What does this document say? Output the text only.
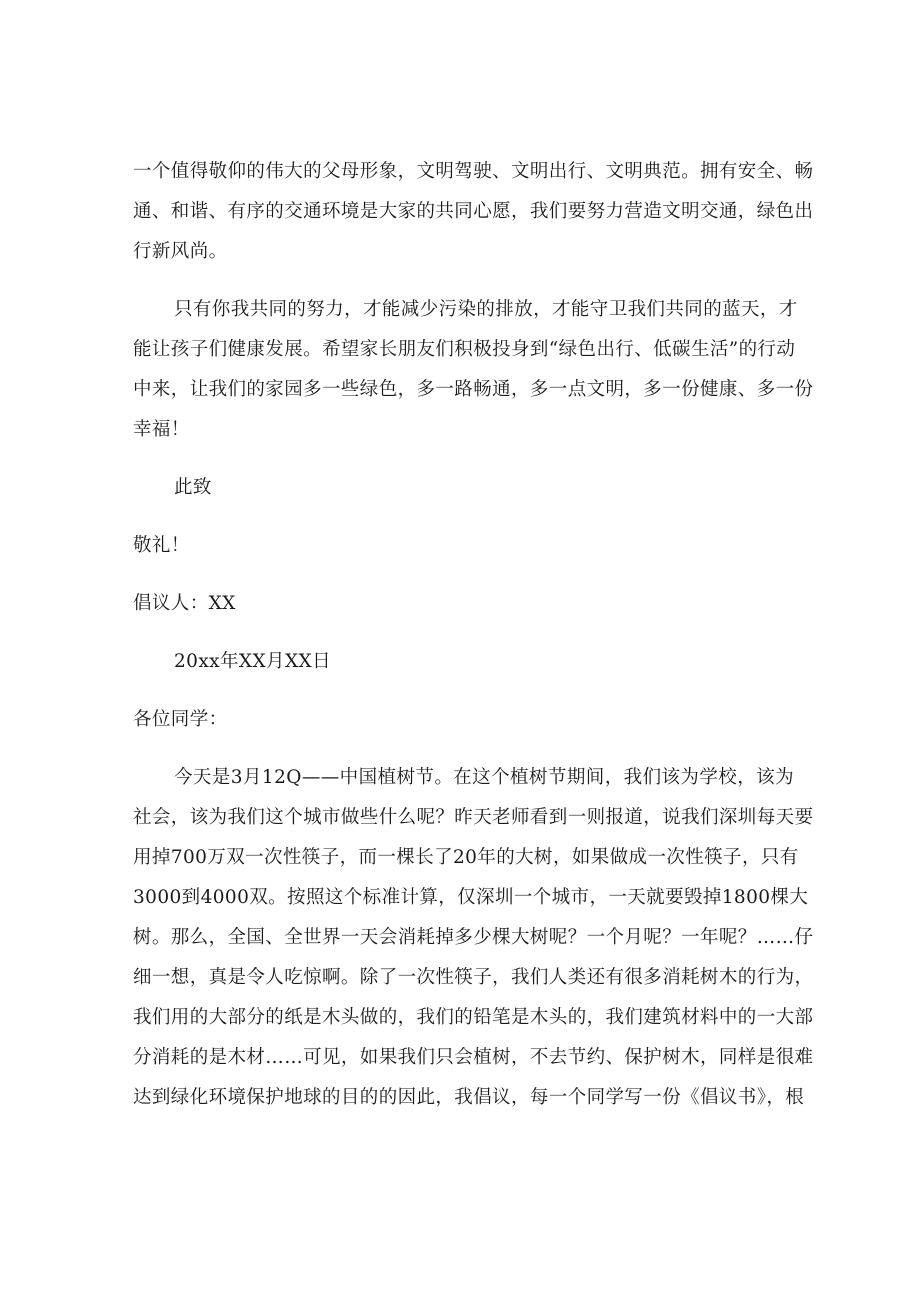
一个值得敬仰的伟大的父母形象，文明驾驶、文明出行、文明典范。拥有安全、畅
通、和谐、有序的交通环境是大家的共同心愿，我们要努力营造文明交通，绿色出
行新风尚。
只有你我共同的努力，才能减少污染的排放，才能守卫我们共同的蓝天，才
能让孩子们健康发展。希望家长朋友们积极投身到“绿色出行、低碳生活”的行动
中来，让我们的家园多一些绿色，多一路畅通，多一点文明，多一份健康、多一份
幸福！
此致
敬礼！
倡议人：XX
20xx年XX月XX日
各位同学：
今天是3月12Q——中国植树节。在这个植树节期间，我们该为学校，该为
社会，该为我们这个城市做些什么呢？昨天老师看到一则报道，说我们深圳每天要
用掉700万双一次性筷子，而一棵长了20年的大树，如果做成一次性筷子，只有
3000到4000双。按照这个标准计算，仅深圳一个城市，一天就要毁掉1800棵大
树。那么，全国、全世界一天会消耗掉多少棵大树呢？一个月呢？一年呢？……仔
细一想，真是令人吃惊啊。除了一次性筷子，我们人类还有很多消耗树木的行为，
我们用的大部分的纸是木头做的，我们的铅笔是木头的，我们建筑材料中的一大部
分消耗的是木材……可见，如果我们只会植树，不去节约、保护树木，同样是很难
达到绿化环境保护地球的目的的因此，我倡议，每一个同学写一份《倡议书》，根
